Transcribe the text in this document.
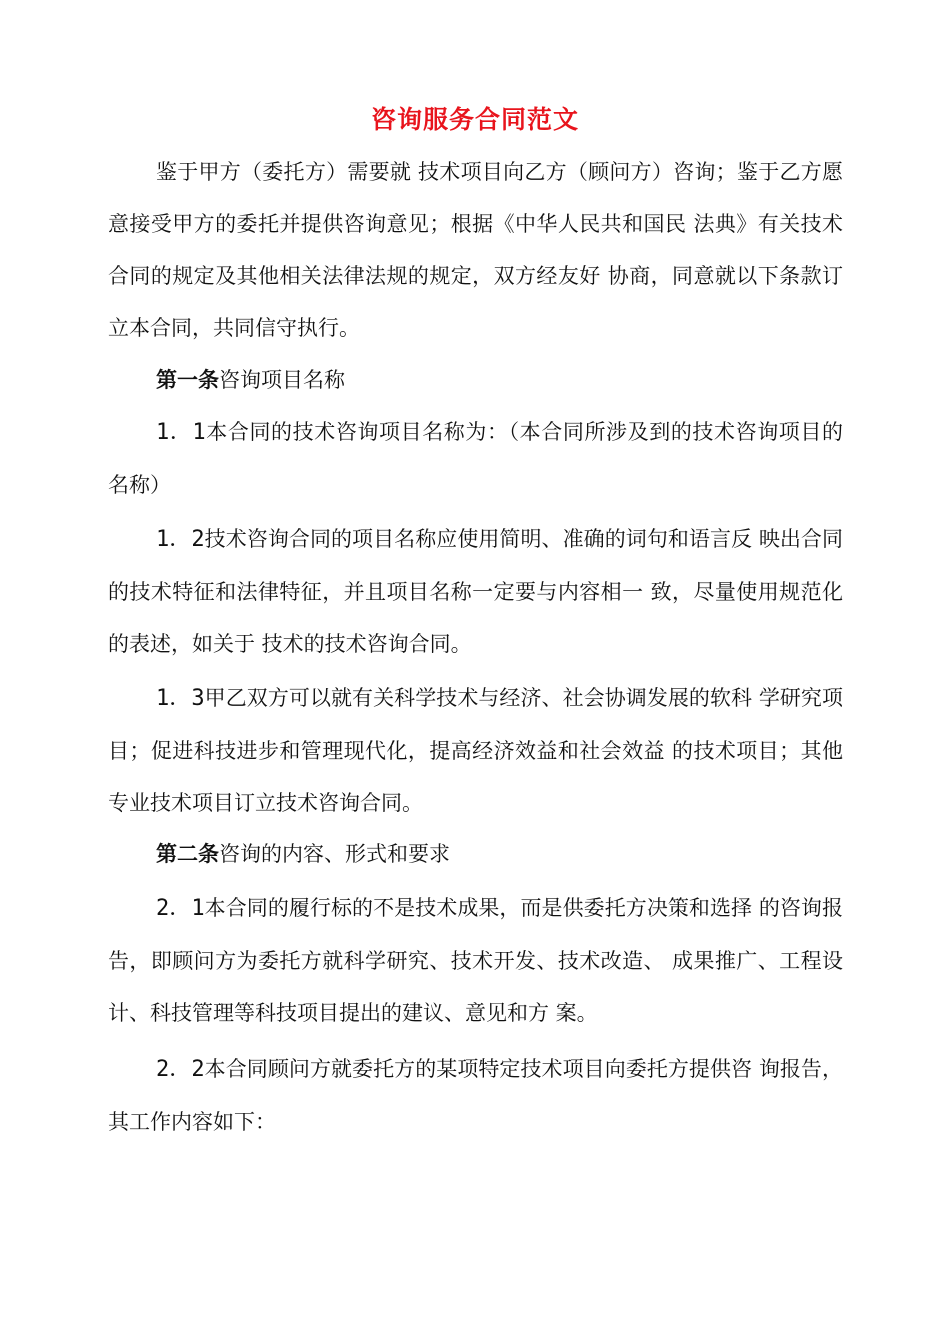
咨询服务合同范文

鉴于甲方（委托方）需要就 技术项目向乙方（顾问方）咨询；鉴于乙方愿意接受甲方的委托并提供咨询意见；根据《中华人民共和国民 法典》有关技术合同的规定及其他相关法律法规的规定，双方经友好 协商，同意就以下条款订立本合同，共同信守执行。

第一条咨询项目名称

1．1本合同的技术咨询项目名称为：（本合同所涉及到的技术咨询项目的名称）

1．2技术咨询合同的项目名称应使用简明、准确的词句和语言反 映出合同的技术特征和法律特征，并且项目名称一定要与内容相一 致，尽量使用规范化的表述，如关于 技术的技术咨询合同。

1．3甲乙双方可以就有关科学技术与经济、社会协调发展的软科 学研究项目；促进科技进步和管理现代化，提高经济效益和社会效益 的技术项目；其他专业技术项目订立技术咨询合同。

第二条咨询的内容、形式和要求

2．1本合同的履行标的不是技术成果，而是供委托方决策和选择 的咨询报告，即顾问方为委托方就科学研究、技术开发、技术改造、 成果推广、工程设计、科技管理等科技项目提出的建议、意见和方 案。

2．2本合同顾问方就委托方的某项特定技术项目向委托方提供咨 询报告，其工作内容如下：
